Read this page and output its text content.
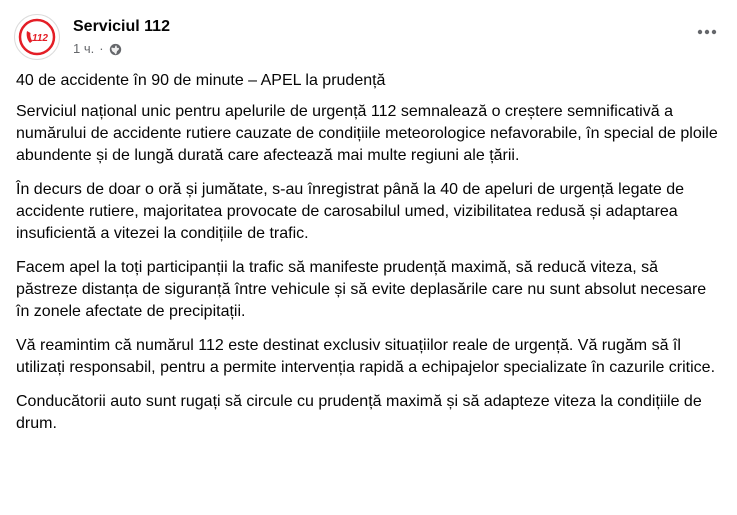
112
Serviciul 112
1 ч. ·

40 de accidente în 90 de minute – APEL la prudență

Serviciul național unic pentru apelurile de urgență 112 semnalează o creștere semnificativă a numărului de accidente rutiere cauzate de condițiile meteorologice nefavorabile, în special de ploile abundente și de lungă durată care afectează mai multe regiuni ale țării.

În decurs de doar o oră și jumătate, s-au înregistrat până la 40 de apeluri de urgență legate de accidente rutiere, majoritatea provocate de carosabilul umed, vizibilitatea redusă și adaptarea insuficientă a vitezei la condițiile de trafic.

Facem apel la toți participanții la trafic să manifeste prudență maximă, să reducă viteza, să păstreze distanța de siguranță între vehicule și să evite deplasările care nu sunt absolut necesare în zonele afectate de precipitații.

Vă reamintim că numărul 112 este destinat exclusiv situațiilor reale de urgență. Vă rugăm să îl utilizați responsabil, pentru a permite intervenția rapidă a echipajelor specializate în cazurile critice.

Conducătorii auto sunt rugați să circule cu prudență maximă și să adapteze viteza la condițiile de drum.
